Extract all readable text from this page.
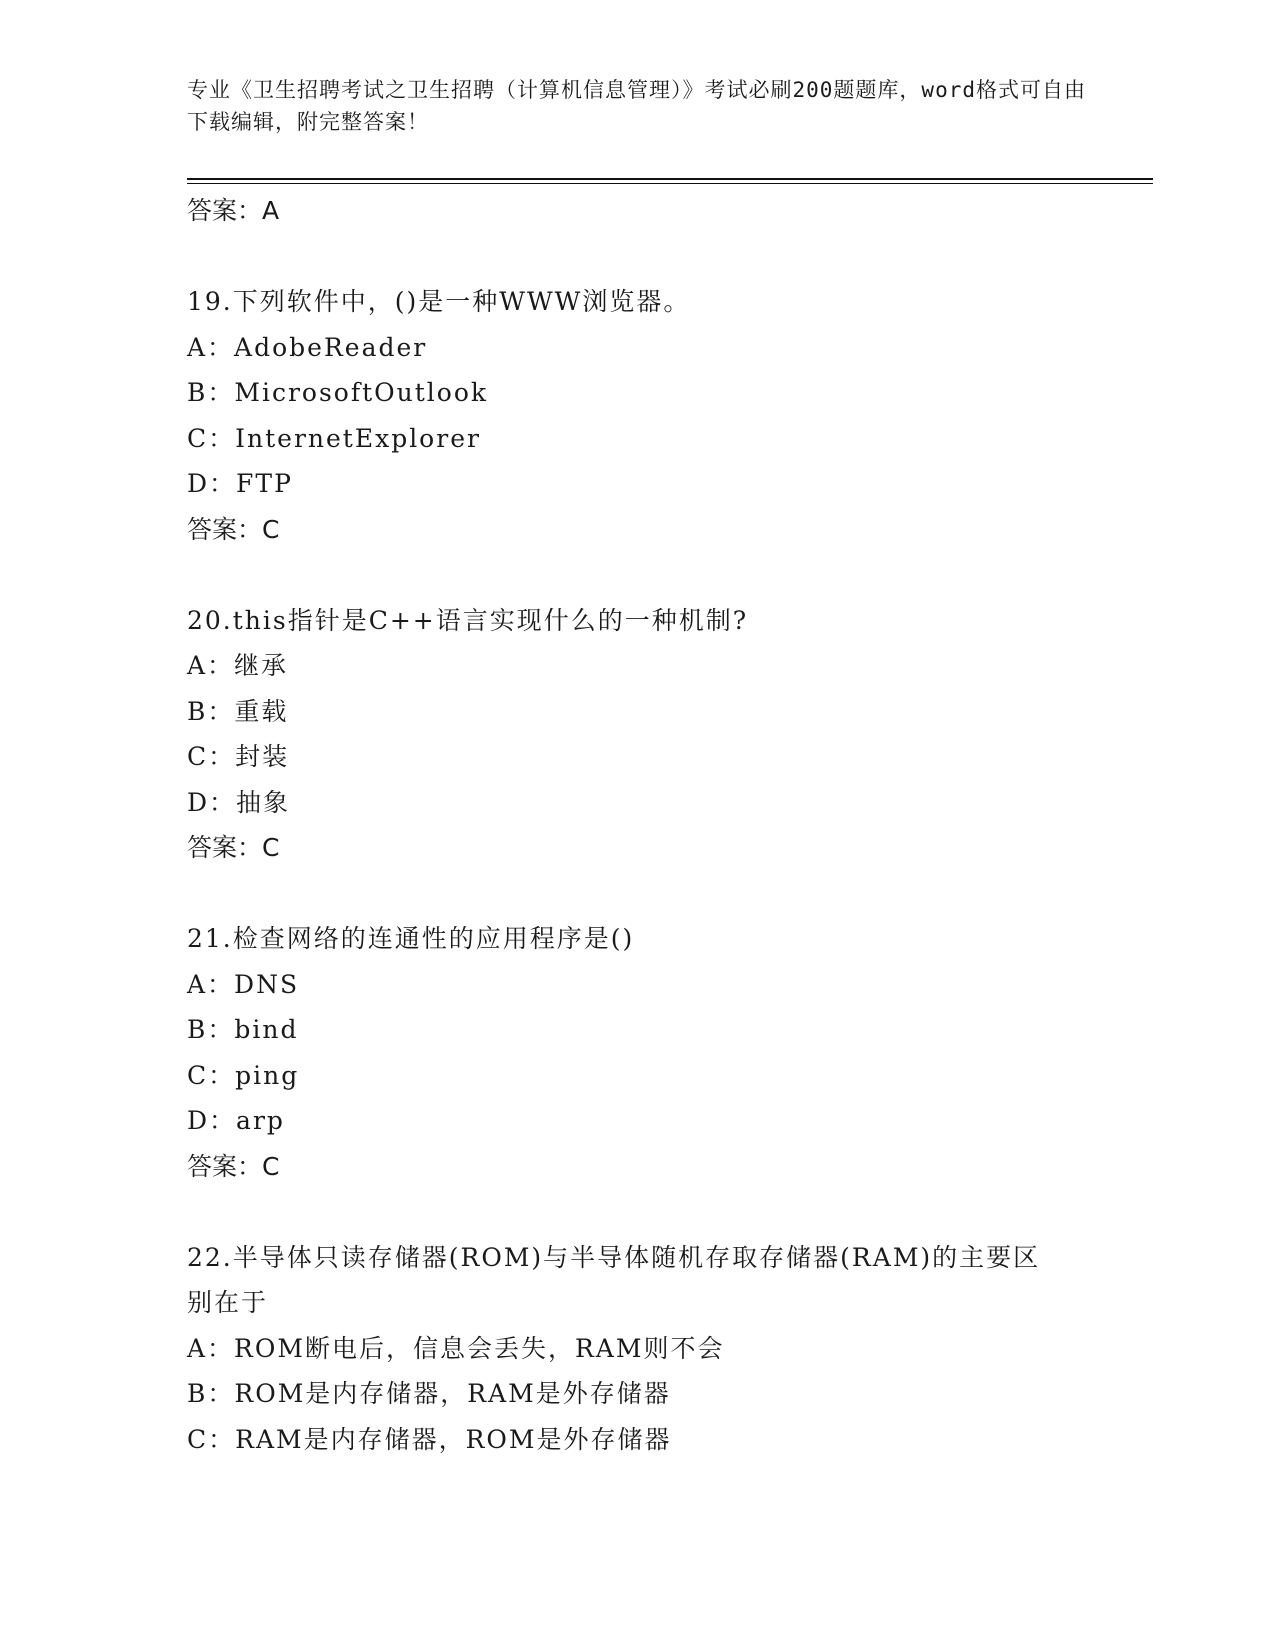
专业《卫生招聘考试之卫生招聘（计算机信息管理）》考试必刷200题题库，word格式可自由下载编辑，附完整答案！

答案：A

19.下列软件中，()是一种WWW浏览器。

A：AdobeReader

B：MicrosoftOutlook

C：InternetExplorer

D：FTP

答案：C

20.this指针是C++语言实现什么的一种机制?

A：继承

B：重载

C：封装

D：抽象

答案：C

21.检查网络的连通性的应用程序是()

A：DNS

B：bind

C：ping

D：arp

答案：C

22.半导体只读存储器(ROM)与半导体随机存取存储器(RAM)的主要区别在于

A：ROM断电后，信息会丢失，RAM则不会

B：ROM是内存储器，RAM是外存储器

C：RAM是内存储器，ROM是外存储器
